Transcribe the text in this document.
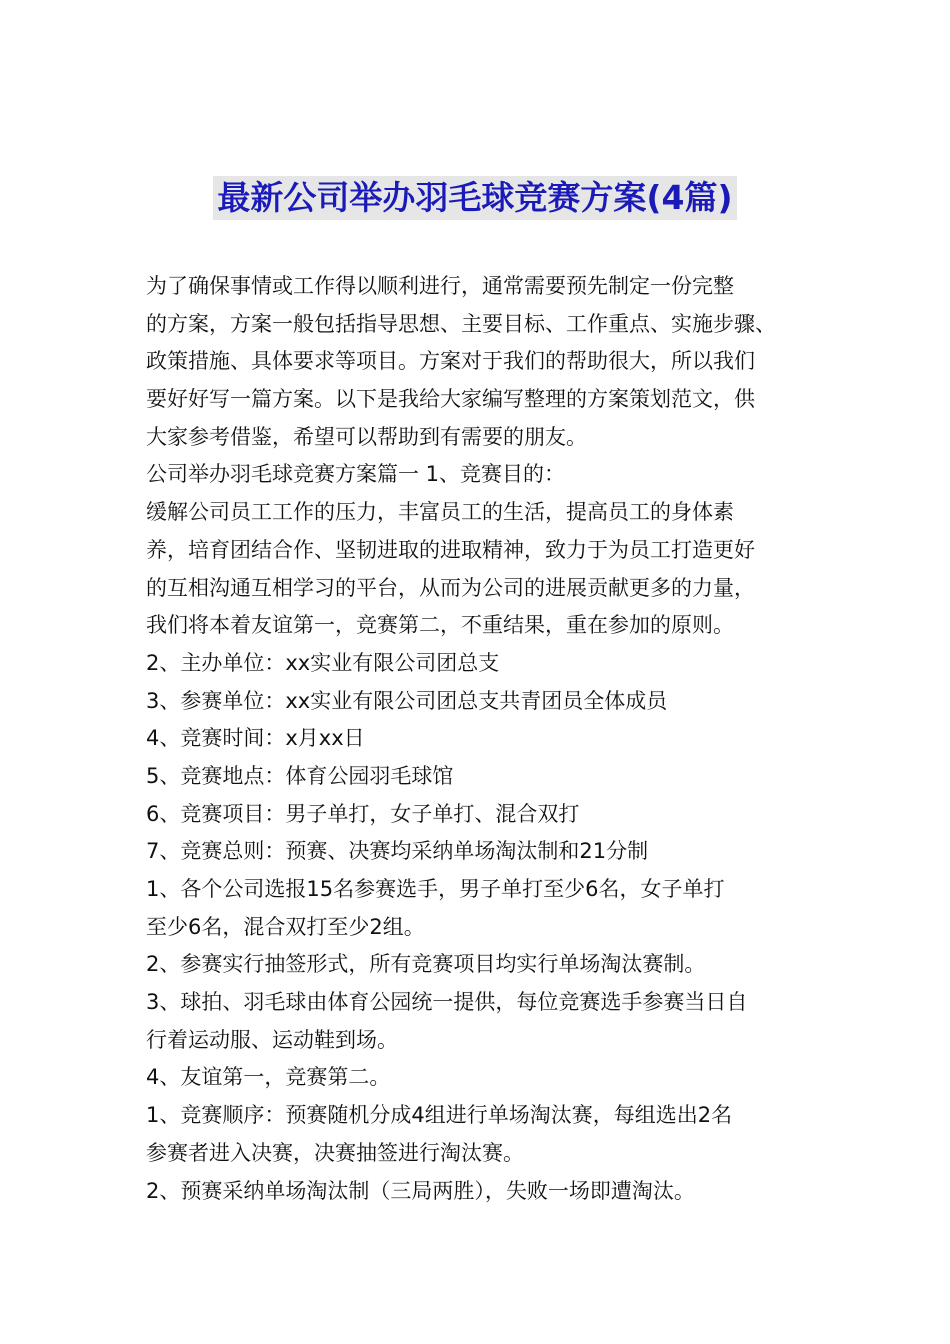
最新公司举办羽毛球竞赛方案(4篇)
为了确保事情或工作得以顺利进行，通常需要预先制定一份完整
的方案，方案一般包括指导思想、主要目标、工作重点、实施步骤、
政策措施、具体要求等项目。方案对于我们的帮助很大，所以我们
要好好写一篇方案。以下是我给大家编写整理的方案策划范文，供
大家参考借鉴，希望可以帮助到有需要的朋友。
公司举办羽毛球竞赛方案篇一 1、竞赛目的：
缓解公司员工工作的压力，丰富员工的生活，提高员工的身体素
养，培育团结合作、坚韧进取的进取精神，致力于为员工打造更好
的互相沟通互相学习的平台，从而为公司的进展贡献更多的力量，
我们将本着友谊第一，竞赛第二，不重结果，重在参加的原则。
2、主办单位：xx实业有限公司团总支
3、参赛单位：xx实业有限公司团总支共青团员全体成员
4、竞赛时间：x月xx日
5、竞赛地点：体育公园羽毛球馆
6、竞赛项目：男子单打，女子单打、混合双打
7、竞赛总则：预赛、决赛均采纳单场淘汰制和21分制
1、各个公司选报15名参赛选手，男子单打至少6名，女子单打
至少6名，混合双打至少2组。
2、参赛实行抽签形式，所有竞赛项目均实行单场淘汰赛制。
3、球拍、羽毛球由体育公园统一提供，每位竞赛选手参赛当日自
行着运动服、运动鞋到场。
4、友谊第一，竞赛第二。
1、竞赛顺序：预赛随机分成4组进行单场淘汰赛，每组选出2名
参赛者进入决赛，决赛抽签进行淘汰赛。
2、预赛采纳单场淘汰制（三局两胜），失败一场即遭淘汰。
